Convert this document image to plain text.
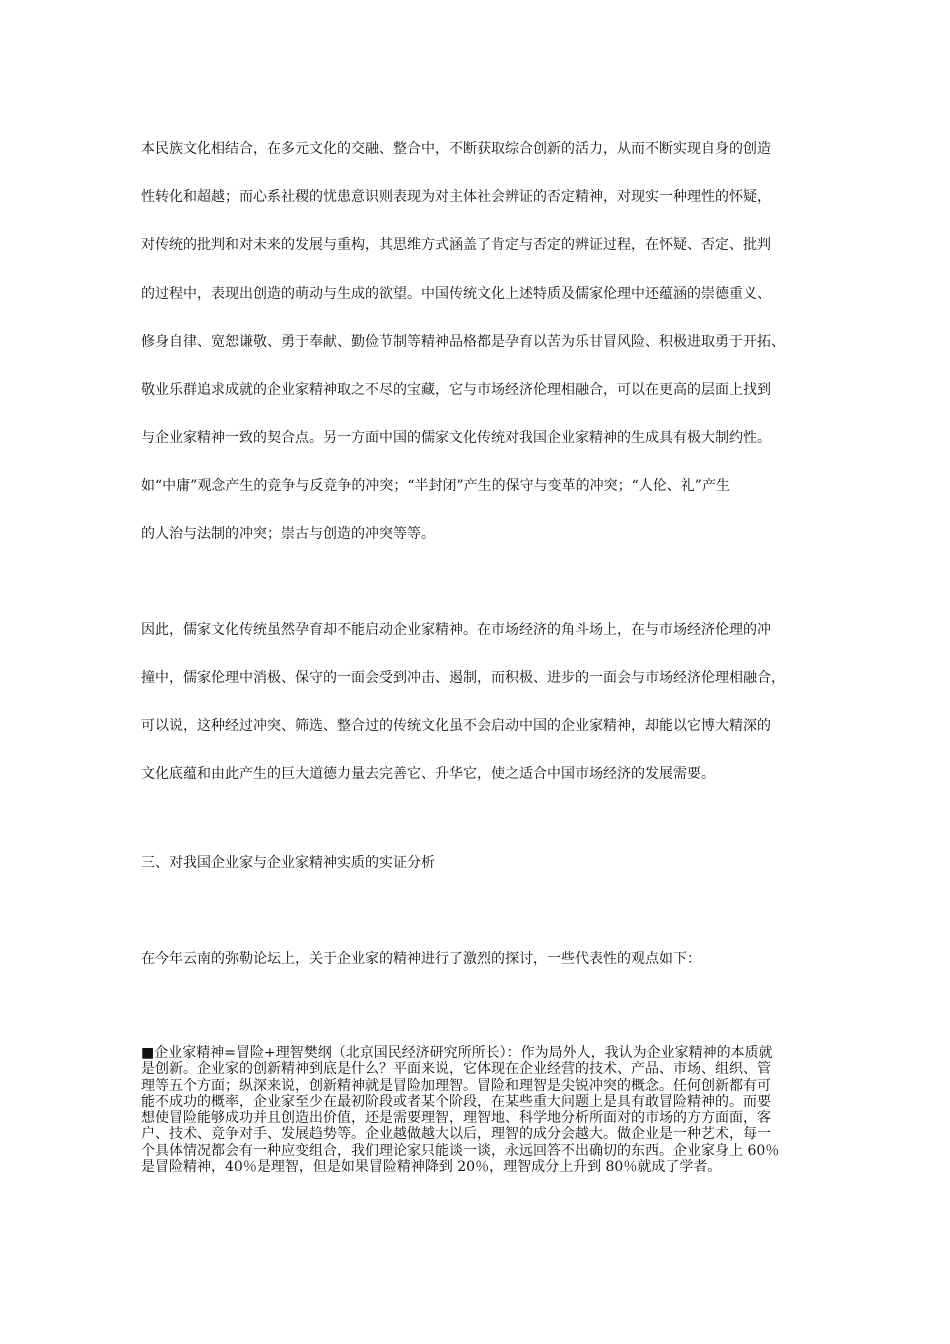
本民族文化相结合，在多元文化的交融、整合中，不断获取综合创新的活力，从而不断实现自身的创造

性转化和超越；而心系社稷的忧患意识则表现为对主体社会辨证的否定精神，对现实一种理性的怀疑，

对传统的批判和对未来的发展与重构，其思维方式涵盖了肯定与否定的辨证过程，在怀疑、否定、批判

的过程中，表现出创造的萌动与生成的欲望。中国传统文化上述特质及儒家伦理中还蕴涵的崇德重义、

修身自律、宽恕谦敬、勇于奉献、勤俭节制等精神品格都是孕育以苦为乐甘冒风险、积极进取勇于开拓、

敬业乐群追求成就的企业家精神取之不尽的宝藏，它与市场经济伦理相融合，可以在更高的层面上找到

与企业家精神一致的契合点。另一方面中国的儒家文化传统对我国企业家精神的生成具有极大制约性。

如“中庸”观念产生的竞争与反竞争的冲突；“半封闭”产生的保守与变革的冲突；“人伦、礼”产生

的人治与法制的冲突；崇古与创造的冲突等等。

因此，儒家文化传统虽然孕育却不能启动企业家精神。在市场经济的角斗场上，在与市场经济伦理的冲

撞中，儒家伦理中消极、保守的一面会受到冲击、遏制，而积极、进步的一面会与市场经济伦理相融合，

可以说，这种经过冲突、筛选、整合过的传统文化虽不会启动中国的企业家精神，却能以它博大精深的

文化底蕴和由此产生的巨大道德力量去完善它、升华它，使之适合中国市场经济的发展需要。

三、对我国企业家与企业家精神实质的实证分析

在今年云南的弥勒论坛上，关于企业家的精神进行了激烈的探讨，一些代表性的观点如下：

■企业家精神=冒险+理智樊纲（北京国民经济研究所所长）：作为局外人，我认为企业家精神的本质就
是创新。企业家的创新精神到底是什么？平面来说，它体现在企业经营的技术、产品、市场、组织、管
理等五个方面；纵深来说，创新精神就是冒险加理智。冒险和理智是尖锐冲突的概念。任何创新都有可
能不成功的概率，企业家至少在最初阶段或者某个阶段，在某些重大问题上是具有敢冒险精神的。而要
想使冒险能够成功并且创造出价值，还是需要理智，理智地、科学地分析所面对的市场的方方面面，客
户、技术、竞争对手、发展趋势等。企业越做越大以后，理智的成分会越大。做企业是一种艺术，每一
个具体情况都会有一种应变组合，我们理论家只能谈一谈，永远回答不出确切的东西。企业家身上 60％
是冒险精神，40％是理智，但是如果冒险精神降到 20％，理智成分上升到 80％就成了学者。
